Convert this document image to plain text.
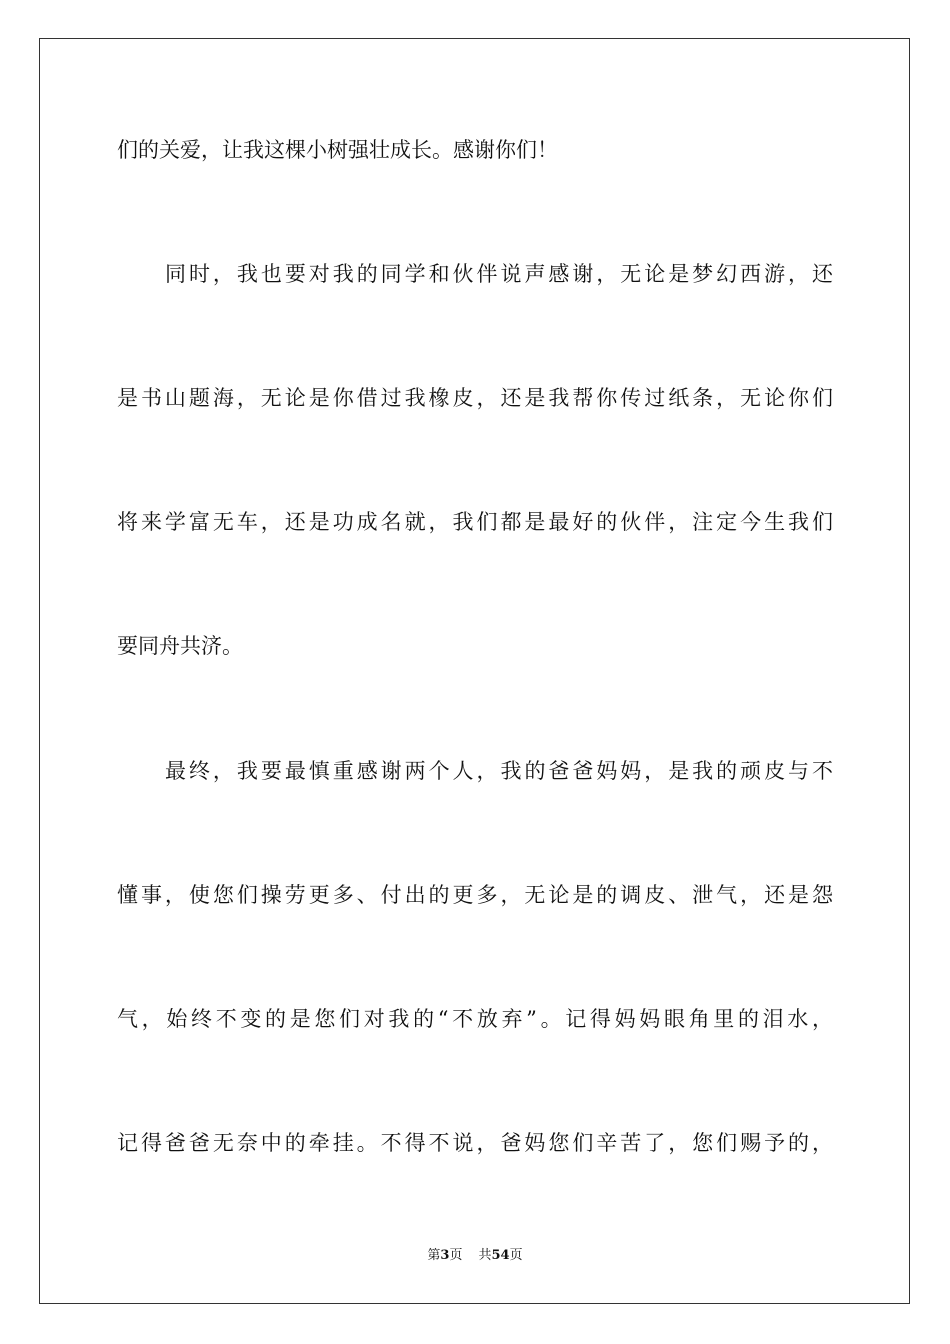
们的关爱，让我这棵小树强壮成长。感谢你们！
同时，我也要对我的同学和伙伴说声感谢，无论是梦幻西游，还
是书山题海，无论是你借过我橡皮，还是我帮你传过纸条，无论你们
将来学富无车，还是功成名就，我们都是最好的伙伴，注定今生我们
要同舟共济。
最终，我要最慎重感谢两个人，我的爸爸妈妈，是我的顽皮与不
懂事，使您们操劳更多、付出的更多，无论是的调皮、泄气，还是怨
气，始终不变的是您们对我的“不放弃”。记得妈妈眼角里的泪水，
记得爸爸无奈中的牵挂。不得不说，爸妈您们辛苦了，您们赐予的，
第3页 共54页
